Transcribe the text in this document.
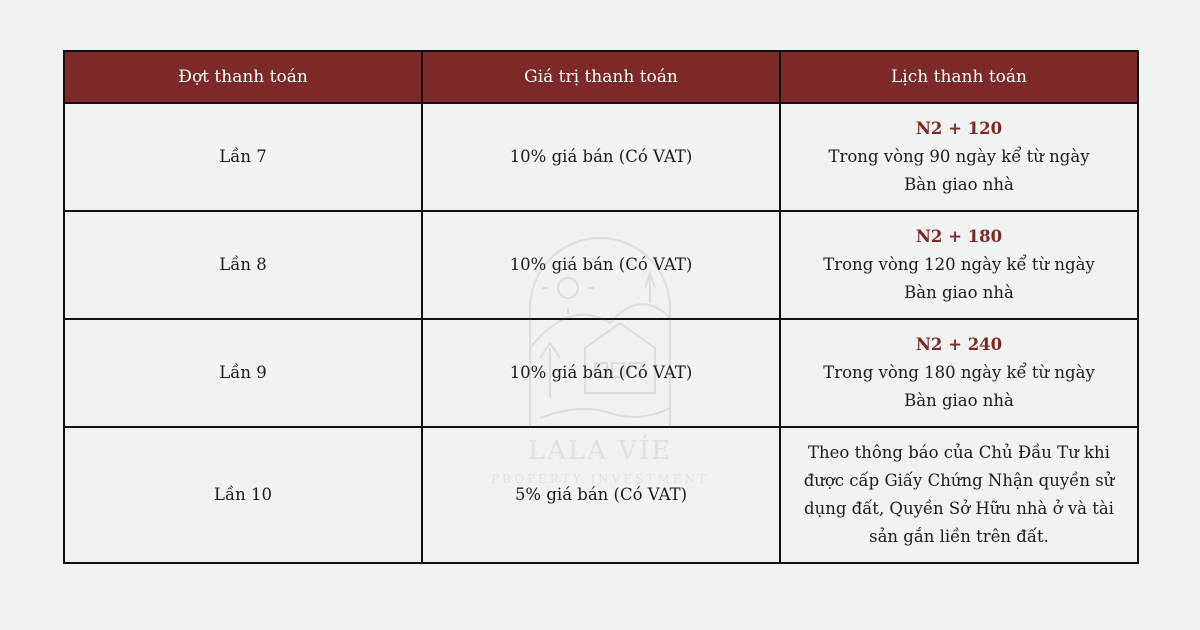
LALA VÍE
PROPERTY INVESTMENT
Đợt thanh toán	Giá trị thanh toán	Lịch thanh toán
Lần 7	10% giá bán (Có VAT)	N2 + 120
Trong vòng 90 ngày kể từ ngày
Bàn giao nhà

Lần 8	10% giá bán (Có VAT)	N2 + 180
Trong vòng 120 ngày kể từ ngày
Bàn giao nhà

Lần 9	10% giá bán (Có VAT)	N2 + 240
Trong vòng 180 ngày kể từ ngày
Bàn giao nhà

Lần 10	5% giá bán (Có VAT)	Theo thông báo của Chủ Đầu Tư khi
được cấp Giấy Chứng Nhận quyền sử
dụng đất, Quyền Sở Hữu nhà ở và tài
sản gắn liền trên đất.
